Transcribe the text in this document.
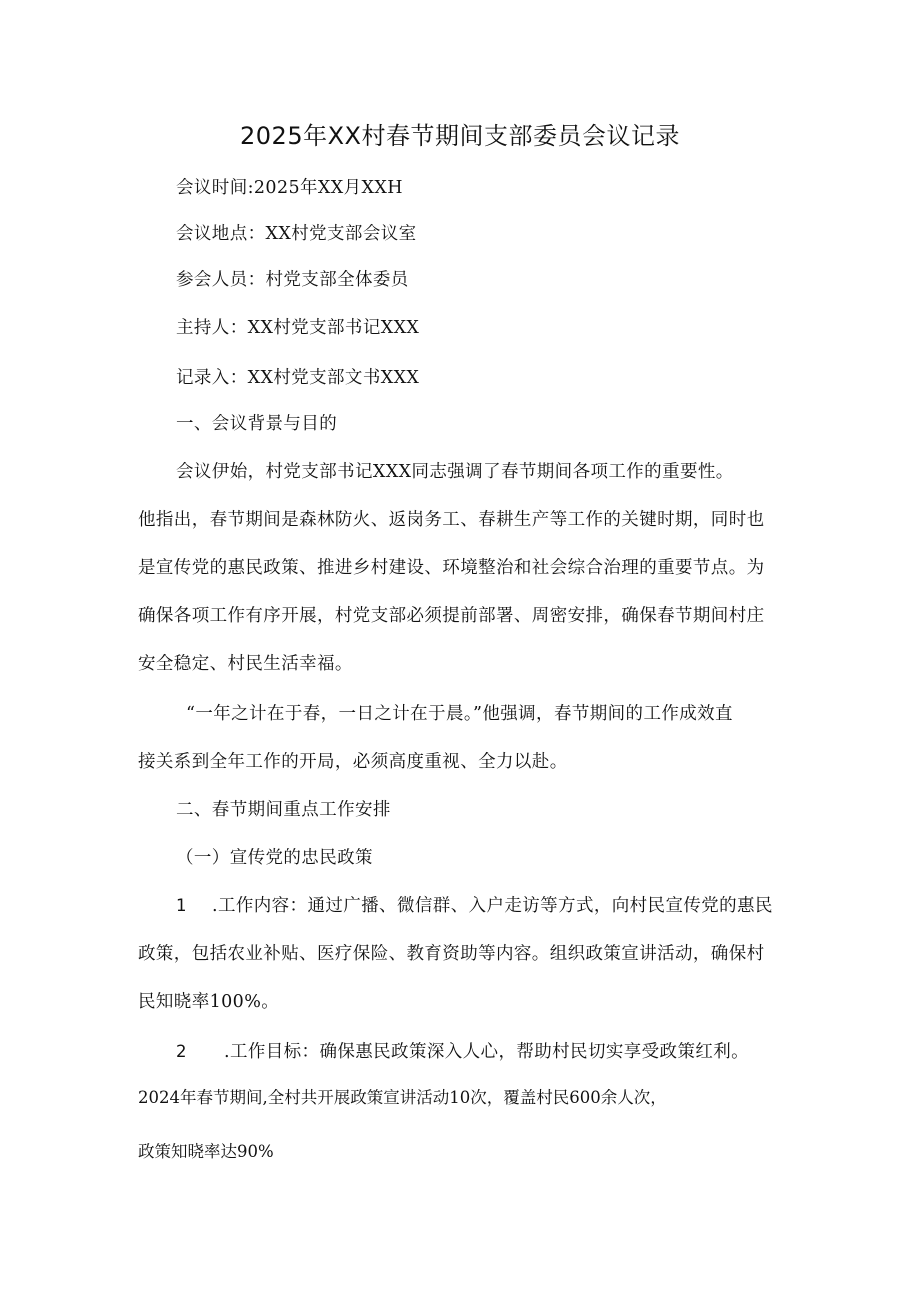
2025年XX村春节期间支部委员会议记录
会议时间:2025年XX月XXH
会议地点：XX村党支部会议室
参会人员：村党支部全体委员
主持人：XX村党支部书记XXX
记录入：XX村党支部文书XXX
一、会议背景与目的
会议伊始，村党支部书记XXX同志强调了春节期间各项工作的重要性。
他指出，春节期间是森林防火、返岗务工、春耕生产等工作的关键时期，同时也
是宣传党的惠民政策、推进乡村建设、环境整治和社会综合治理的重要节点。为
确保各项工作有序开展，村党支部必须提前部署、周密安排，确保春节期间村庄
安全稳定、村民生活幸福。
“一年之计在于春，一日之计在于晨。”他强调，春节期间的工作成效直
接关系到全年工作的开局，必须高度重视、全力以赴。
二、春节期间重点工作安排
（一）宣传党的忠民政策
1 .工作内容：通过广播、微信群、入户走访等方式，向村民宣传党的惠民
政策，包括农业补贴、医疗保险、教育资助等内容。组织政策宣讲活动，确保村
民知晓率100%。
2 .工作目标：确保惠民政策深入人心，帮助村民切实享受政策红利。
2024年春节期间,全村共开展政策宣讲活动10次，覆盖村民600余人次，
政策知晓率达90%
